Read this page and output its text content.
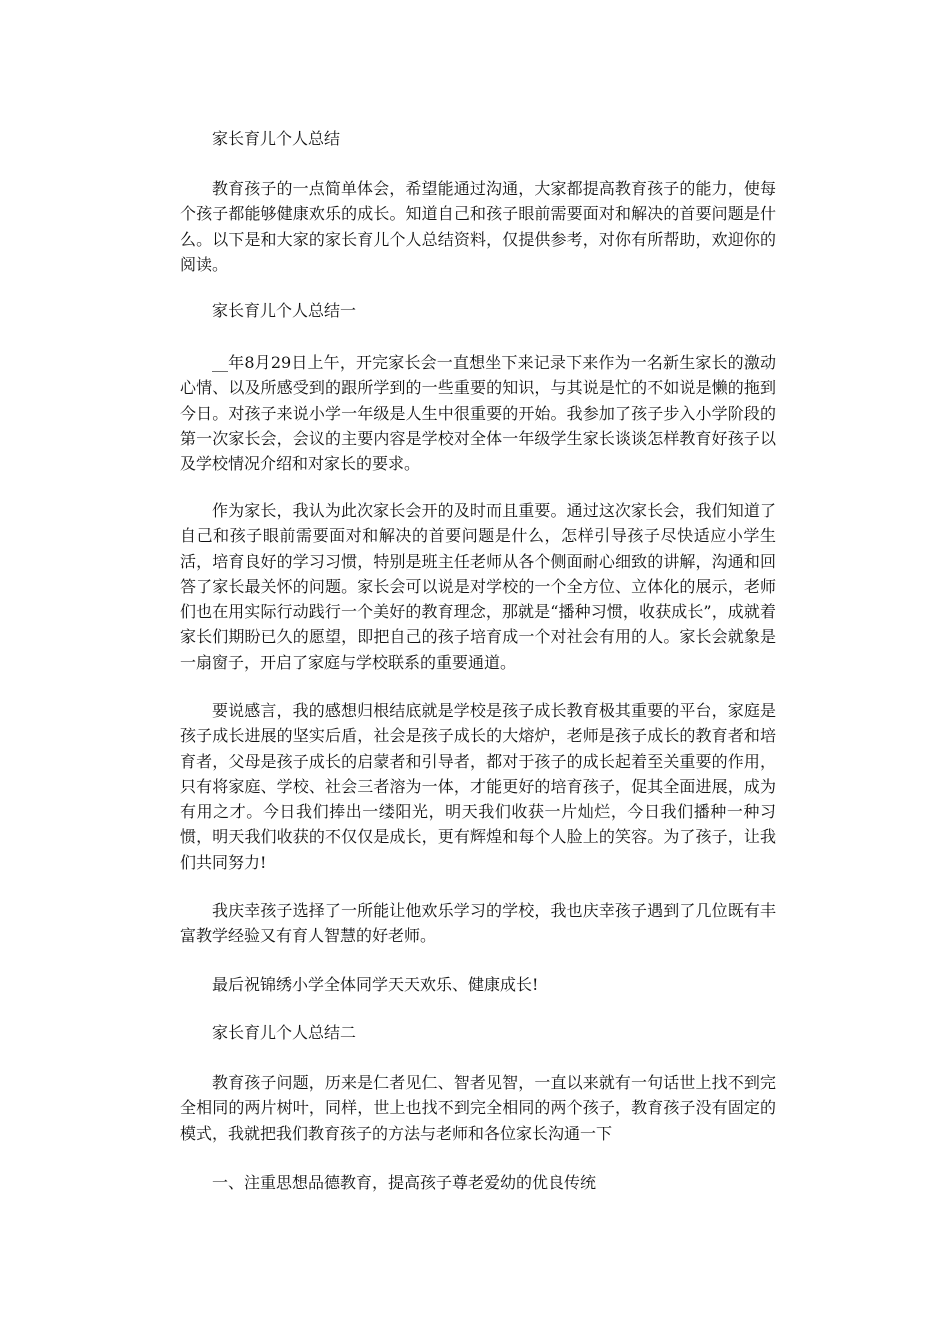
家长育儿个人总结

教育孩子的一点简单体会，希望能通过沟通，大家都提高教育孩子的能力，使每个孩子都能够健康欢乐的成长。知道自己和孩子眼前需要面对和解决的首要问题是什么。以下是和大家的家长育儿个人总结资料，仅提供参考，对你有所帮助，欢迎你的阅读。

家长育儿个人总结一

__年8月29日上午，开完家长会一直想坐下来记录下来作为一名新生家长的激动心情、以及所感受到的跟所学到的一些重要的知识，与其说是忙的不如说是懒的拖到今日。对孩子来说小学一年级是人生中很重要的开始。我参加了孩子步入小学阶段的第一次家长会，会议的主要内容是学校对全体一年级学生家长谈谈怎样教育好孩子以及学校情况介绍和对家长的要求。

作为家长，我认为此次家长会开的及时而且重要。通过这次家长会，我们知道了自己和孩子眼前需要面对和解决的首要问题是什么，怎样引导孩子尽快适应小学生活，培育良好的学习习惯，特别是班主任老师从各个侧面耐心细致的讲解，沟通和回答了家长最关怀的问题。家长会可以说是对学校的一个全方位、立体化的展示，老师们也在用实际行动践行一个美好的教育理念，那就是“播种习惯，收获成长”，成就着家长们期盼已久的愿望，即把自己的孩子培育成一个对社会有用的人。家长会就象是一扇窗子，开启了家庭与学校联系的重要通道。

要说感言，我的感想归根结底就是学校是孩子成长教育极其重要的平台，家庭是孩子成长进展的坚实后盾，社会是孩子成长的大熔炉，老师是孩子成长的教育者和培育者，父母是孩子成长的启蒙者和引导者，都对于孩子的成长起着至关重要的作用，只有将家庭、学校、社会三者溶为一体，才能更好的培育孩子，促其全面进展，成为有用之才。今日我们捧出一缕阳光，明天我们收获一片灿烂，今日我们播种一种习惯，明天我们收获的不仅仅是成长，更有辉煌和每个人脸上的笑容。为了孩子，让我们共同努力!

我庆幸孩子选择了一所能让他欢乐学习的学校，我也庆幸孩子遇到了几位既有丰富教学经验又有育人智慧的好老师。

最后祝锦绣小学全体同学天天欢乐、健康成长!

家长育儿个人总结二

教育孩子问题，历来是仁者见仁、智者见智，一直以来就有一句话世上找不到完全相同的两片树叶，同样，世上也找不到完全相同的两个孩子，教育孩子没有固定的模式，我就把我们教育孩子的方法与老师和各位家长沟通一下

一、注重思想品德教育，提高孩子尊老爱幼的优良传统
